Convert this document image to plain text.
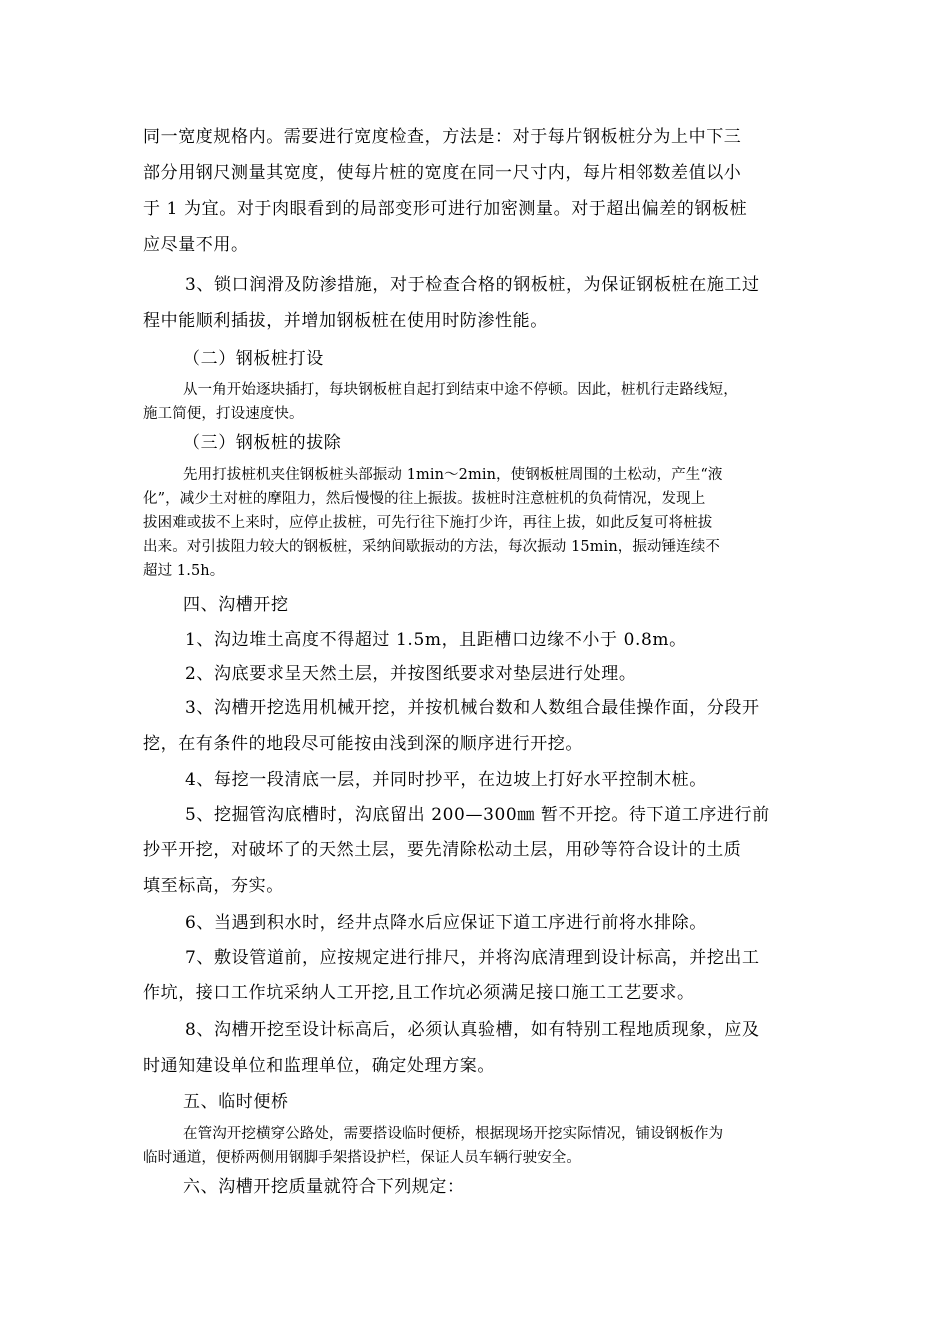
同一宽度规格内。需要进行宽度检查，方法是：对于每片钢板桩分为上中下三
部分用钢尺测量其宽度，使每片桩的宽度在同一尺寸内，每片相邻数差值以小
于 1 为宜。对于肉眼看到的局部变形可进行加密测量。对于超出偏差的钢板桩
应尽量不用。
3、锁口润滑及防渗措施，对于检查合格的钢板桩，为保证钢板桩在施工过
程中能顺利插拔，并增加钢板桩在使用时防渗性能。
（二）钢板桩打设
从一角开始逐块插打，每块钢板桩自起打到结束中途不停顿。因此，桩机行走路线短，
施工简便，打设速度快。
（三）钢板桩的拔除
先用打拔桩机夹住钢板桩头部振动 1min～2min，使钢板桩周围的土松动，产生“液
化”，减少土对桩的摩阻力，然后慢慢的往上振拔。拔桩时注意桩机的负荷情况，发现上
拔困难或拔不上来时，应停止拔桩，可先行往下施打少许，再往上拔，如此反复可将桩拔
出来。对引拔阻力较大的钢板桩，采纳间歇振动的方法，每次振动 15min，振动锤连续不
超过 1.5h。
四、沟槽开挖
1、沟边堆土高度不得超过 1.5m，且距槽口边缘不小于 0.8m。
2、沟底要求呈天然土层，并按图纸要求对垫层进行处理。
3、沟槽开挖选用机械开挖，并按机械台数和人数组合最佳操作面，分段开
挖，在有条件的地段尽可能按由浅到深的顺序进行开挖。
4、每挖一段清底一层，并同时抄平，在边坡上打好水平控制木桩。
5、挖掘管沟底槽时，沟底留出 200—300㎜ 暂不开挖。待下道工序进行前
抄平开挖，对破坏了的天然土层，要先清除松动土层，用砂等符合设计的土质
填至标高，夯实。
6、当遇到积水时，经井点降水后应保证下道工序进行前将水排除。
7、敷设管道前，应按规定进行排尺，并将沟底清理到设计标高，并挖出工
作坑，接口工作坑采纳人工开挖,且工作坑必须满足接口施工工艺要求。
8、沟槽开挖至设计标高后，必须认真验槽，如有特别工程地质现象，应及
时通知建设单位和监理单位，确定处理方案。
五、临时便桥
在管沟开挖横穿公路处，需要搭设临时便桥，根据现场开挖实际情况，铺设钢板作为
临时通道，便桥两侧用钢脚手架搭设护栏，保证人员车辆行驶安全。
六、沟槽开挖质量就符合下列规定：
